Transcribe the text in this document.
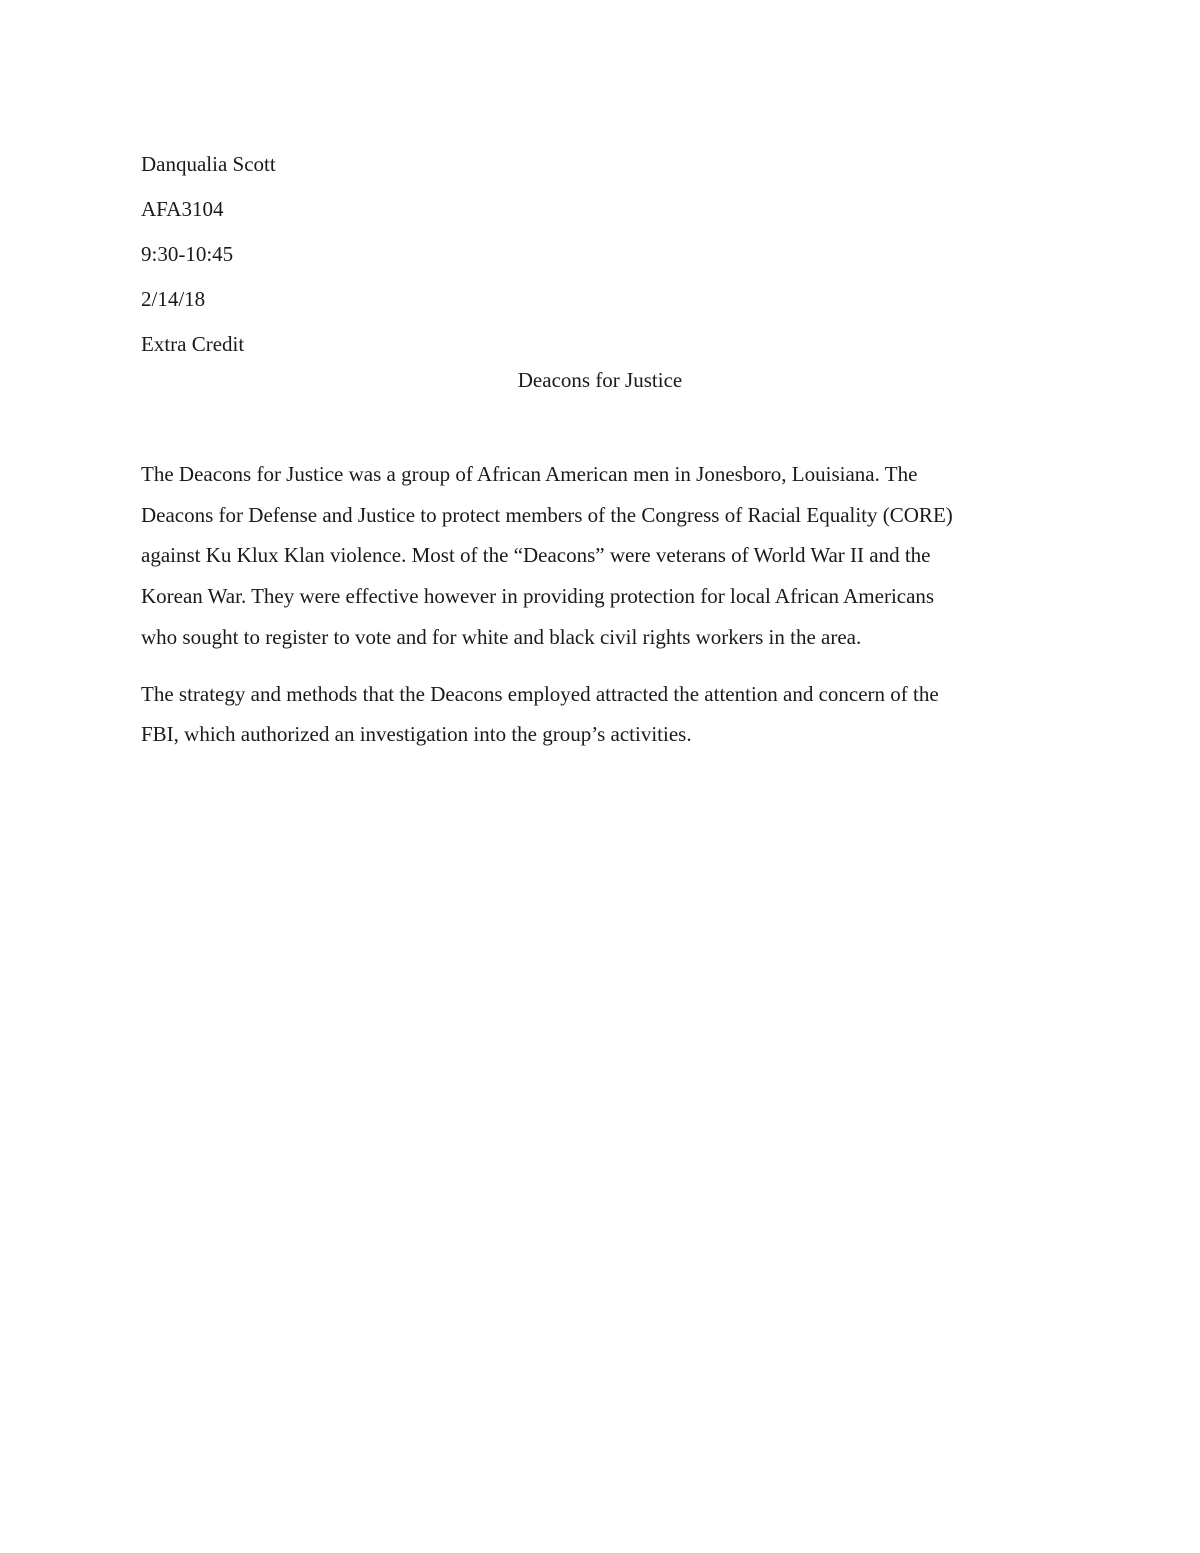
Danqualia Scott
AFA3104
9:30-10:45
2/14/18
Extra Credit
Deacons for Justice

The Deacons for Justice was a group of African American men in Jonesboro, Louisiana. The
Deacons for Defense and Justice to protect members of the Congress of Racial Equality (CORE)
against Ku Klux Klan violence. Most of the “Deacons” were veterans of World War II and the
Korean War. They were effective however in providing protection for local African Americans
who sought to register to vote and for white and black civil rights workers in the area.

The strategy and methods that the Deacons employed attracted the attention and concern of the
FBI, which authorized an investigation into the group’s activities.
